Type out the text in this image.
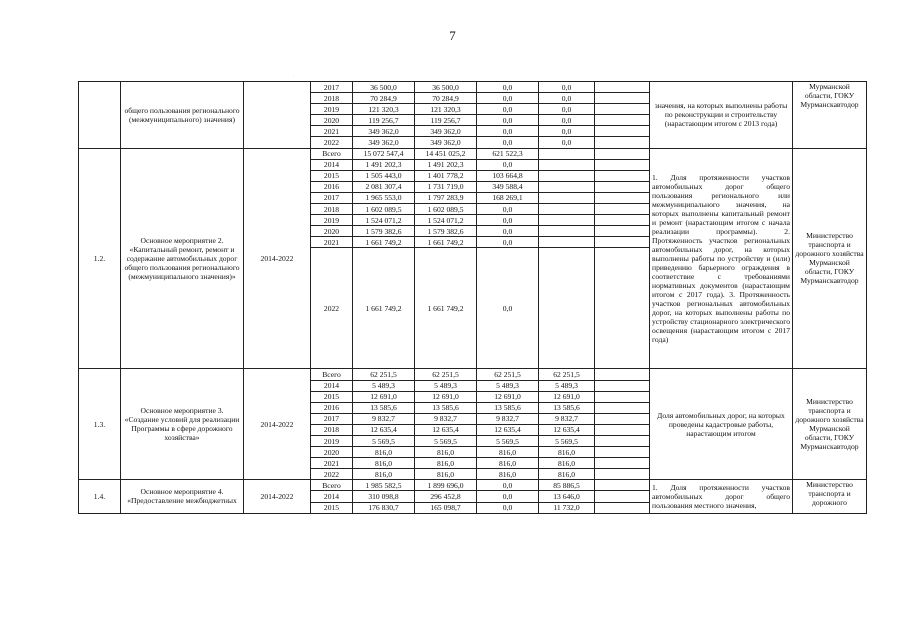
7
·
	общего пользования регионального (межмуниципального) значения)		2017	36 500,0	36 500,0	0,0	0,0		значения, на которых выполнены работы по реконструкции и строительству (нарастающим итогом с 2013 года)	Мурманской области, ГОКУ Мурманскавтодор
			2018	70 284,9	70 284,9	0,0	0,0			
			2019	121 320,3	121 320,3	0,0	0,0			
			2020	119 256,7	119 256,7	0,0	0,0			
			2021	349 362,0	349 362,0	0,0	0,0			
			2022	349 362,0	349 362,0	0,0	0,0			
1.2.	Основное мероприятие 2. «Капитальный ремонт, ремонт и содержание автомобильных дорог общего пользования регионального (межмуниципального значения)»	2014-2022	Всего	15 072 547,4	14 451 025,2	621 522,3			1. Доля протяженности участков автомобильных дорог общего пользования регионального или межмуниципального значения, на которых выполнены капитальный ремонт и ремонт (нарастающим итогом с начала реализации программы). 2. Протяженность участков региональных автомобильных дорог, на которых выполнены работы по устройству и (или) приведению барьерного ограждения в соответствие с требованиями нормативных документов (нарастающим итогом с 2017 года). 3. Протяженность участков региональных автомобильных дорог, на которых выполнены работы по устройству стационарного электрического освещения (нарастающим итогом с 2017 года)	Министерство транспорта и дорожного хозяйства Мурманской области, ГОКУ Мурманскавтодор
			2014	1 491 202,3	1 491 202,3	0,0				
			2015	1 505 443,0	1 401 778,2	103 664,8				
			2016	2 081 307,4	1 731 719,0	349 588,4				
			2017	1 965 553,0	1 797 283,9	168 269,1				
			2018	1 602 089,5	1 602 089,5	0,0				
			2019	1 524 071,2	1 524 071,2	0,0				
			2020	1 579 382,6	1 579 382,6	0,0				
			2021	1 661 749,2	1 661 749,2	0,0				
			2022	1 661 749,2	1 661 749,2	0,0				
1.3.	Основное мероприятие 3. «Создание условий для реализации Программы в сфере дорожного хозяйства»	2014-2022	Всего	62 251,5	62 251,5	62 251,5	62 251,5		Доля автомобильных дорог, на которых проведены кадастровые работы, нарастающим итогом	Министерство транспорта и дорожного хозяйства Мурманской области, ГОКУ Мурманскавтодор
			2014	5 489,3	5 489,3	5 489,3	5 489,3			
			2015	12 691,0	12 691,0	12 691,0	12 691,0			
			2016	13 585,6	13 585,6	13 585,6	13 585,6			
			2017	9 832,7	9 832,7	9 832,7	9 832,7			
			2018	12 635,4	12 635,4	12 635,4	12 635,4			
			2019	5 569,5	5 569,5	5 569,5	5 569,5			
			2020	816,0	816,0	816,0	816,0			
			2021	816,0	816,0	816,0	816,0			
			2022	816,0	816,0	816,0	816,0			
1.4.	Основное мероприятие 4. «Предоставление межбюджетных	2014-2022	Всего	1 985 582,5	1 899 696,0	0,0	85 886,5		1. Доля протяженности участков автомобильных дорог общего пользования местного значения,	Министерство транспорта и дорожного
			2014	310 098,8	296 452,8	0,0	13 646,0			
			2015	176 830,7	165 098,7	0,0	11 732,0			
